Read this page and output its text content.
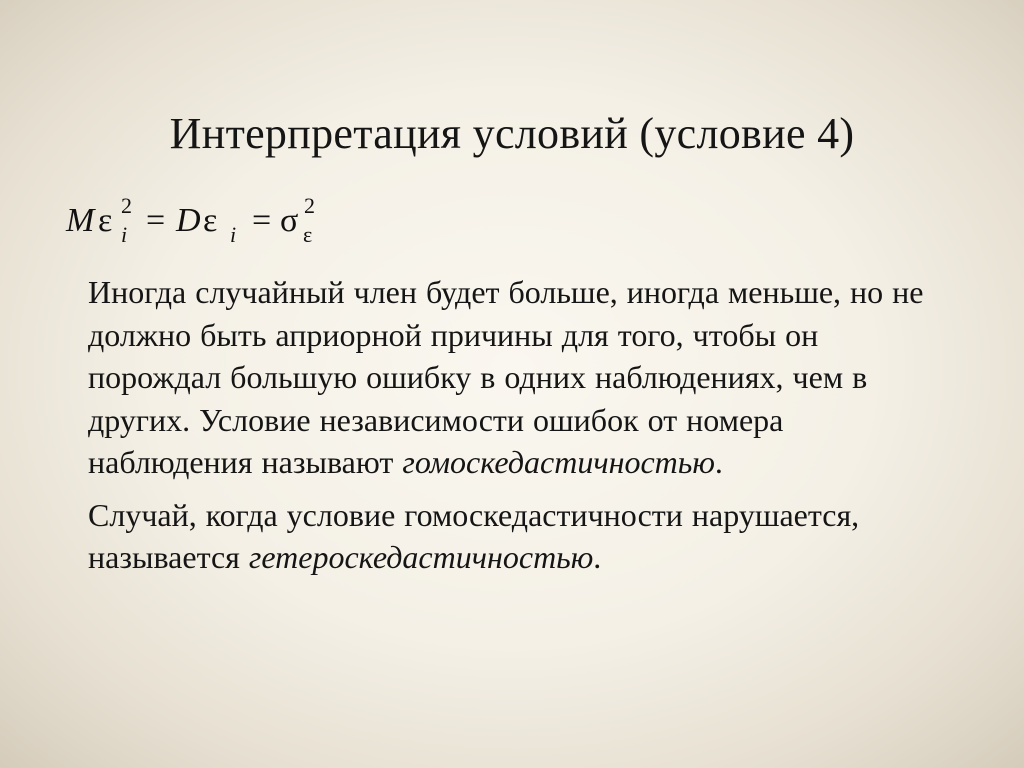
Интерпретация условий (условие 4)
M ε 2
i = D ε i = σ 2
ε

Иногда случайный член будет больше, иногда меньше, но не должно быть априорной причины для того, чтобы он порождал большую ошибку в одних наблюдениях, чем в других. Условие независимости ошибок от номера наблюдения называют гомоскедастичностью.

Случай, когда условие гомоскедастичности нарушается, называется гетероскедастичностью.
